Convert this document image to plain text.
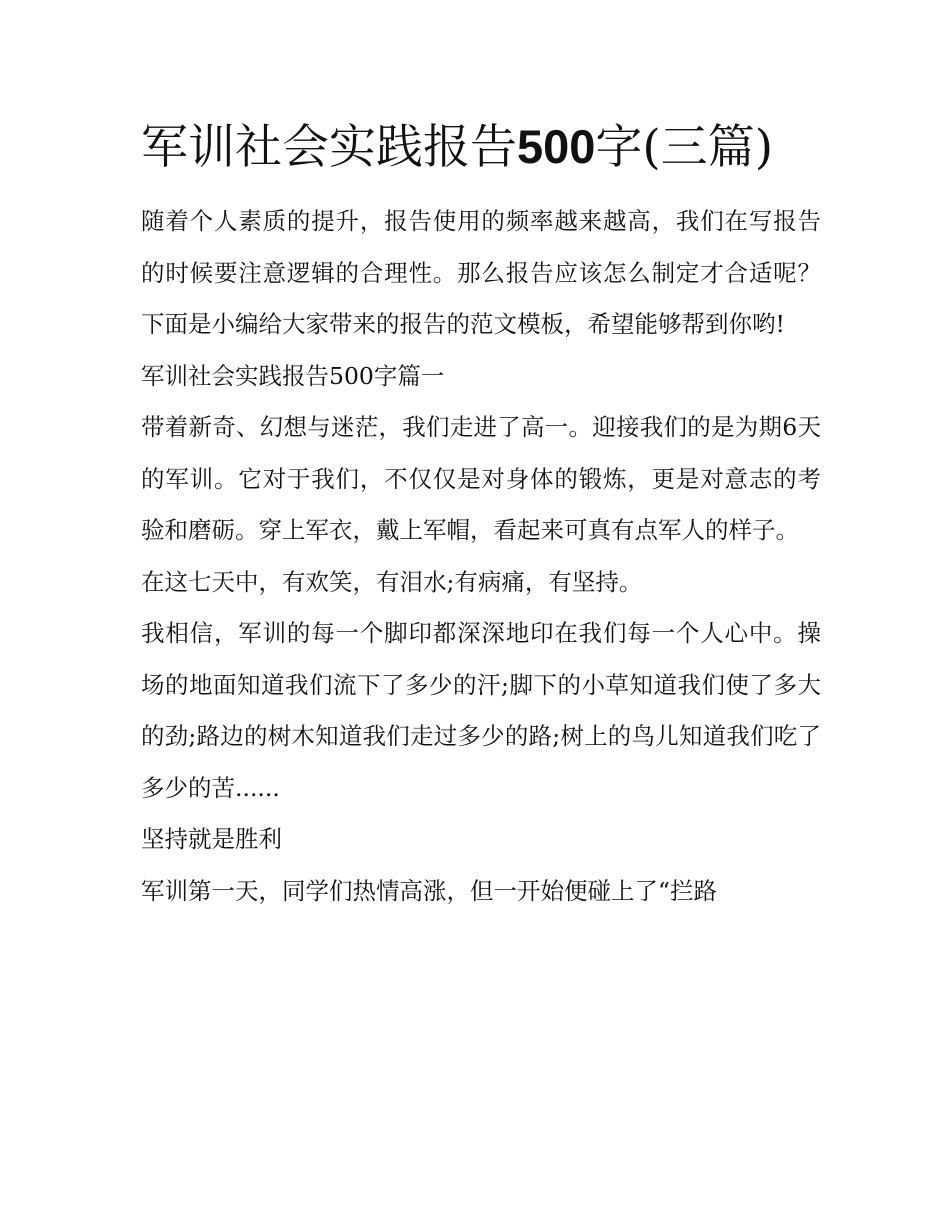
军训社会实践报告500字(三篇)

随着个人素质的提升，报告使用的频率越来越高，我们在写报告的时候要注意逻辑的合理性。那么报告应该怎么制定才合适呢？下面是小编给大家带来的报告的范文模板，希望能够帮到你哟!

军训社会实践报告500字篇一

带着新奇、幻想与迷茫，我们走进了高一。迎接我们的是为期6天的军训。它对于我们，不仅仅是对身体的锻炼，更是对意志的考验和磨砺。穿上军衣，戴上军帽，看起来可真有点军人的样子。

在这七天中，有欢笑，有泪水;有病痛，有坚持。

我相信，军训的每一个脚印都深深地印在我们每一个人心中。操场的地面知道我们流下了多少的汗;脚下的小草知道我们使了多大的劲;路边的树木知道我们走过多少的路;树上的鸟儿知道我们吃了多少的苦......

坚持就是胜利

军训第一天，同学们热情高涨，但一开始便碰上了“拦路
